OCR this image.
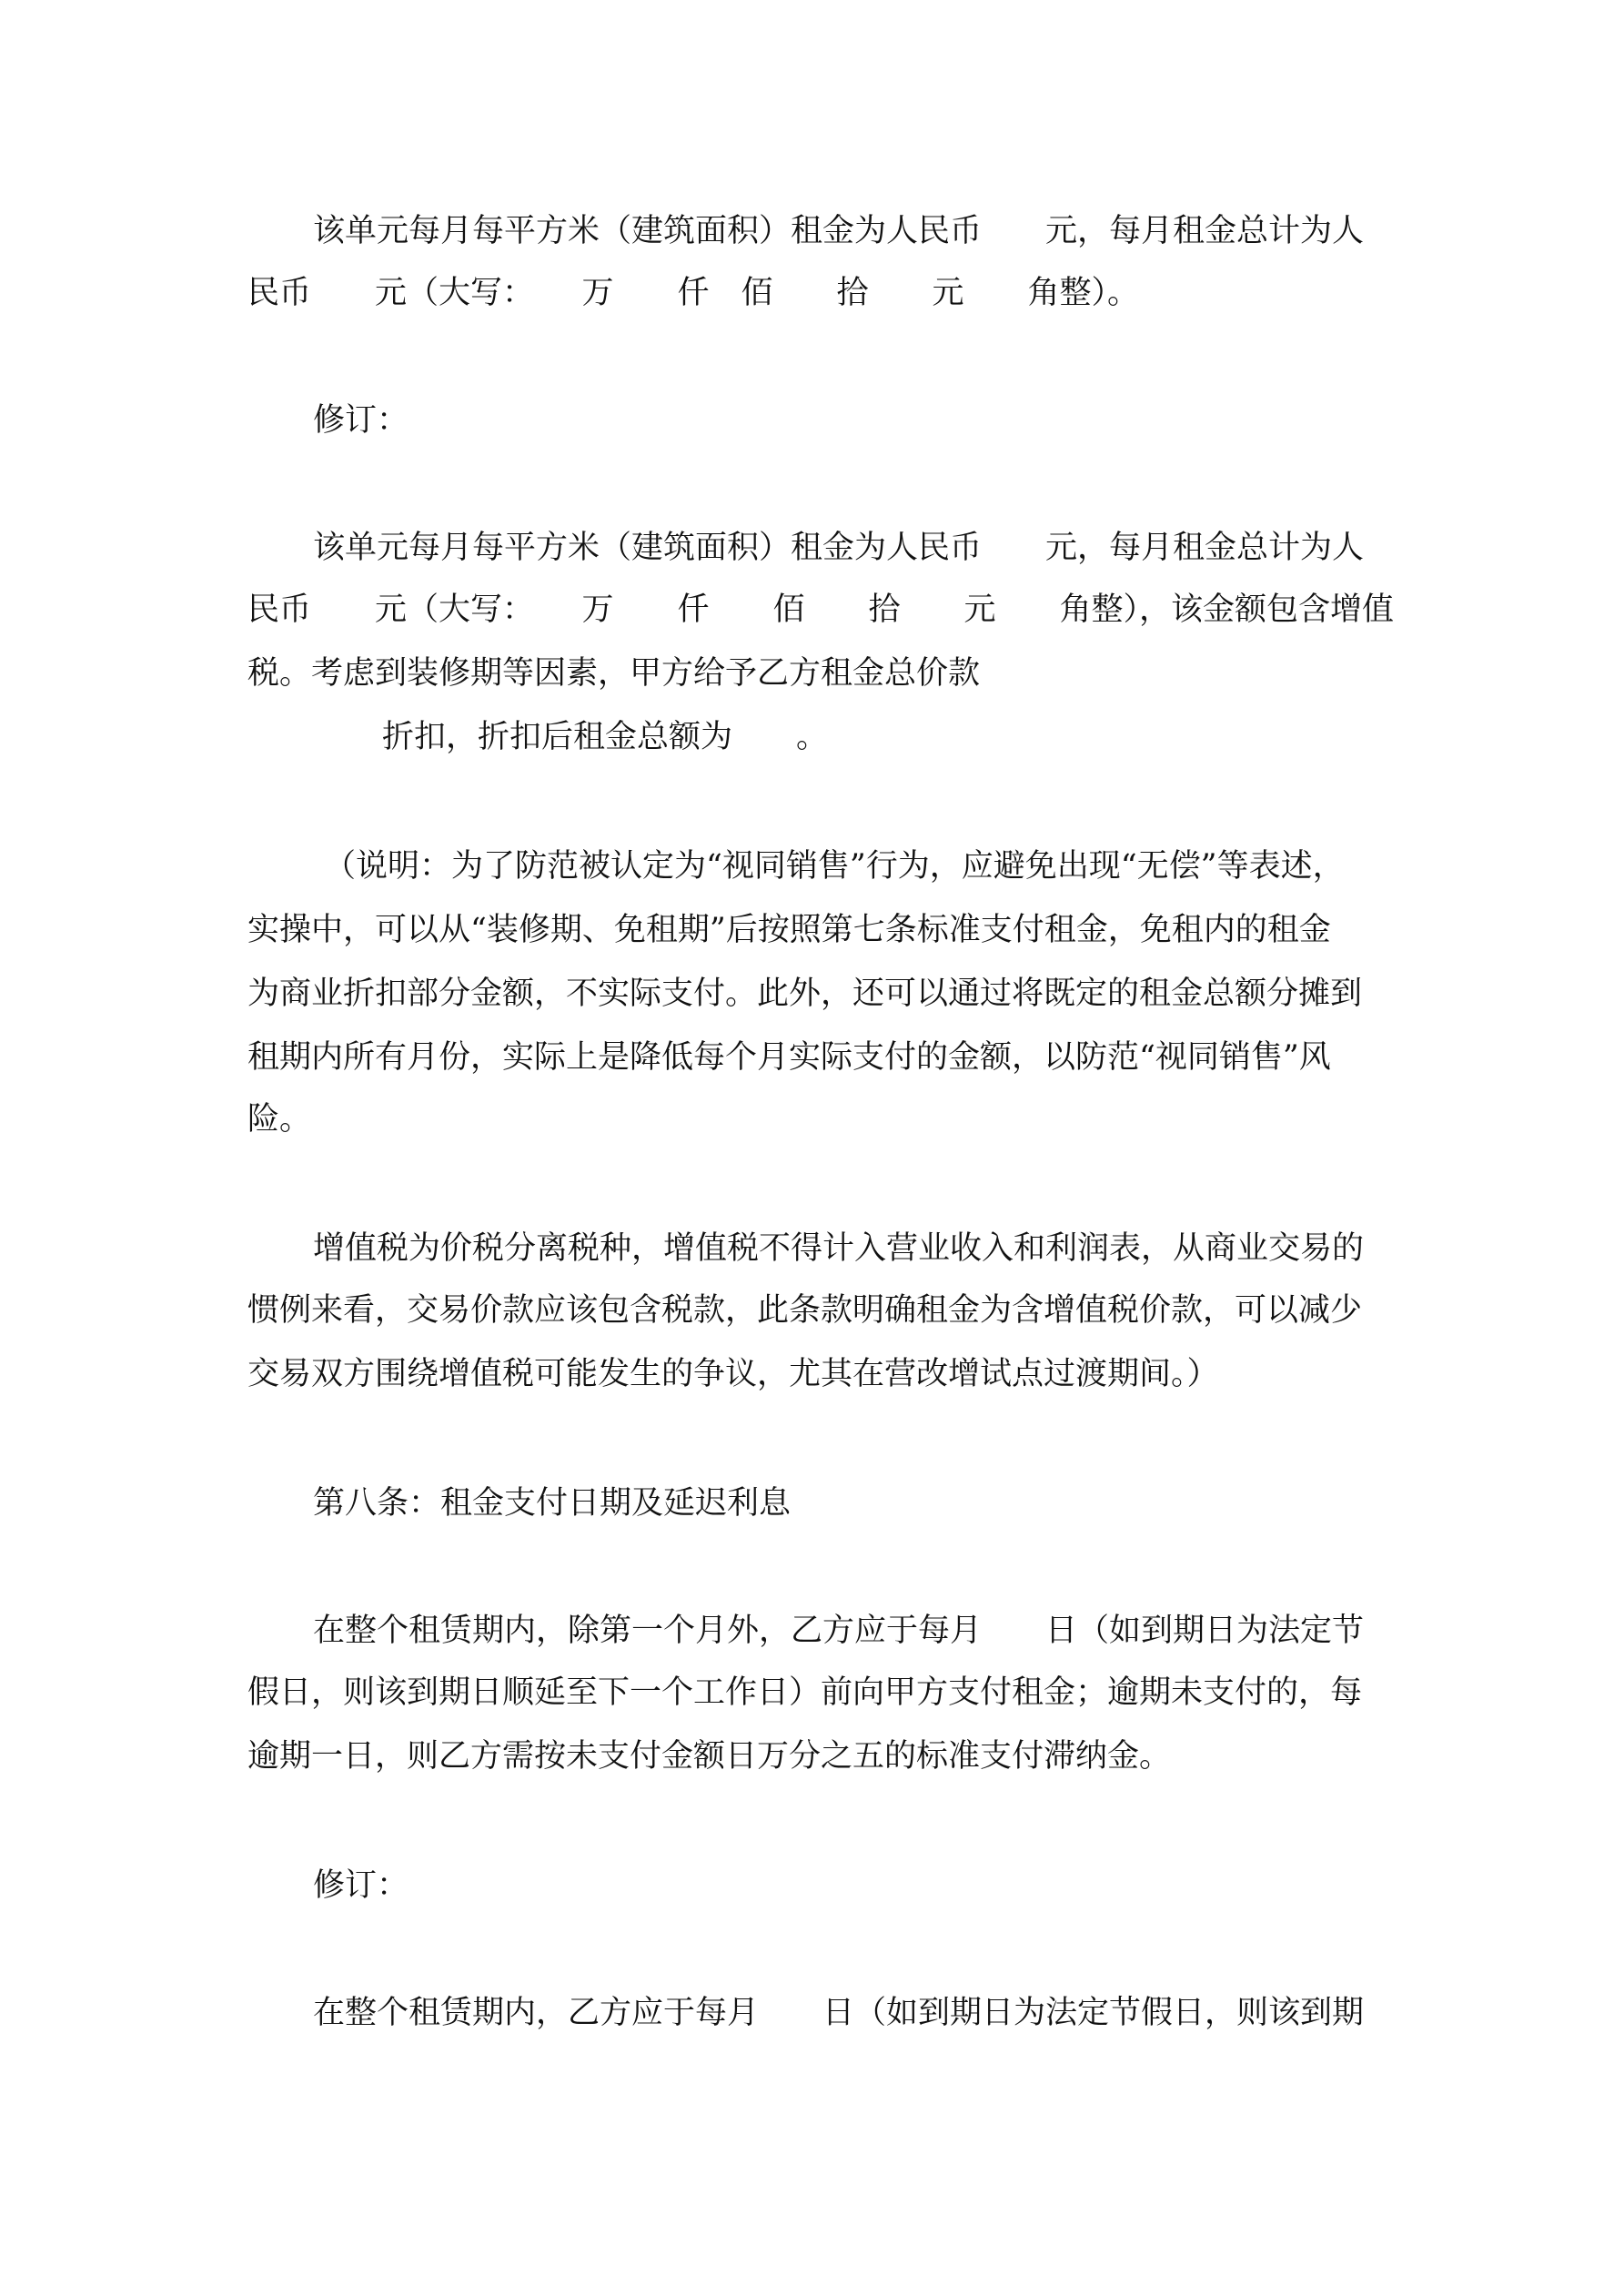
该单元每月每平方米（建筑面积）租金为人民币　　元，每月租金总计为人
民币　　元（大写：　　万　　仟　佰　　拾　　元　　角整）。
修订：
该单元每月每平方米（建筑面积）租金为人民币　　元，每月租金总计为人
民币　　元（大写：　　万　　仟　　佰　　拾　　元　　角整），该金额包含增值
税。考虑到装修期等因素，甲方给予乙方租金总价款
折扣，折扣后租金总额为　　。
（说明：为了防范被认定为“视同销售”行为，应避免出现“无偿”等表述，
实操中，可以从“装修期、免租期”后按照第七条标准支付租金，免租内的租金
为商业折扣部分金额，不实际支付。此外，还可以通过将既定的租金总额分摊到
租期内所有月份，实际上是降低每个月实际支付的金额，以防范“视同销售”风
险。
增值税为价税分离税种，增值税不得计入营业收入和利润表，从商业交易的
惯例来看，交易价款应该包含税款，此条款明确租金为含增值税价款，可以减少
交易双方围绕增值税可能发生的争议，尤其在营改增试点过渡期间。）
第八条：租金支付日期及延迟利息
在整个租赁期内，除第一个月外，乙方应于每月　　日（如到期日为法定节
假日，则该到期日顺延至下一个工作日）前向甲方支付租金；逾期未支付的，每
逾期一日，则乙方需按未支付金额日万分之五的标准支付滞纳金。
修订：
在整个租赁期内，乙方应于每月　　日（如到期日为法定节假日，则该到期
